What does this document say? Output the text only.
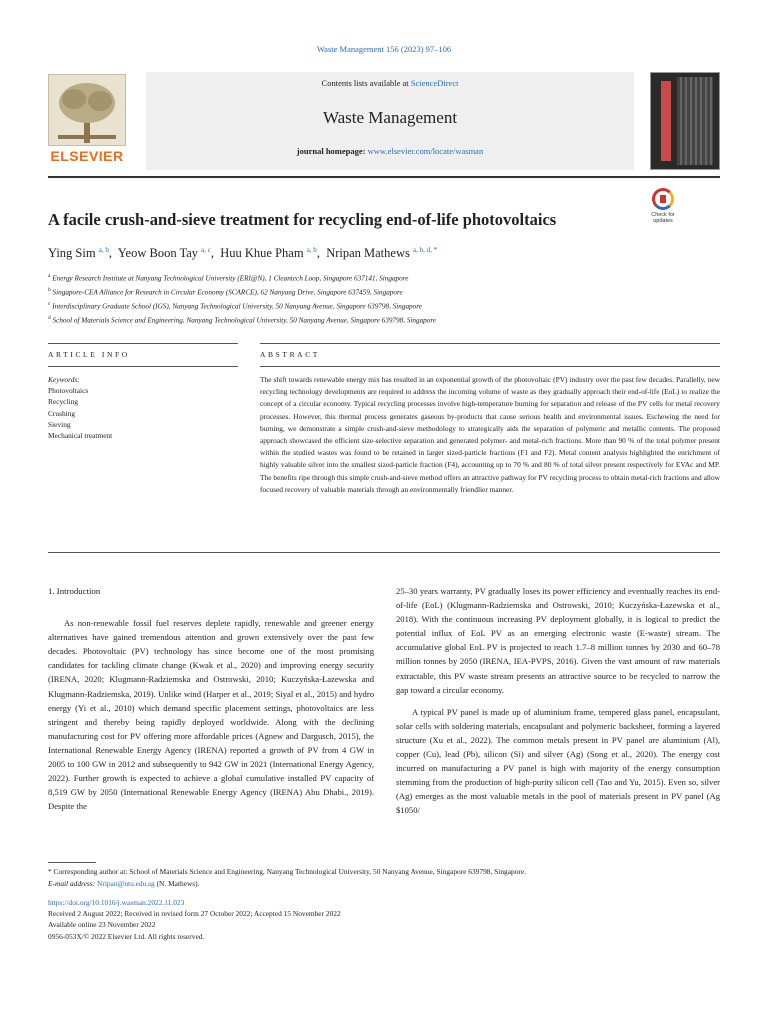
Waste Management 156 (2023) 97–106
ELSEVIER
Contents lists available at ScienceDirect
Waste Management
journal homepage: www.elsevier.com/locate/wasman
A facile crush-and-sieve treatment for recycling end-of-life photovoltaics	Check for
updates
Ying Sim $^{a, b}$,  Yeow Boon Tay $^{a, c}$,  Huu Khue Pham $^{a, b}$,  Nripan Mathews $^{a, b, d, *}$
$^a$ Energy Research Institute at Nanyang Technological University (ERI@N), 1 Cleantech Loop, Singapore 637141, Singapore
$^b$ Singapore-CEA Alliance for Research in Circular Economy (SCARCE), 62 Nanyang Drive, Singapore 637459, Singapore
$^c$ Interdisciplinary Graduate School (IGS), Nanyang Technological University, 50 Nanyang Avenue, Singapore 639798, Singapore
$^d$ School of Materials Science and Engineering, Nanyang Technological University, 50 Nanyang Avenue, Singapore 639798, Singapore
ARTICLE INFO	ABSTRACT
Keywords:
Photovoltaics
Recycling
Crushing
Sieving
Mechanical treatment
The shift towards renewable energy mix has resulted in an exponential growth of the photovoltaic (PV) industry over the past few decades. Parallelly, new recycling technology developments are required to address the incoming volume of waste as they gradually approach their end-of-life (EoL) to realize the concept of a circular economy. Typical recycling processes involve high-temperature burning for separation and release of the PV cells for metal recovery processes. However, this thermal process generates gaseous by-products that cause serious health and environmental issues. Eschewing the need for burning, we demonstrate a simple crush-and-sieve methodology to strategically aids the separation of polymeric and metallic contents. The proposed approach showcased the efficient size-selective separation and generated polymer- and metal-rich fractions. More than 90 % of the total polymer present within the studied wastes was found to be retained in larger sized-particle fractions (F1 and F2). Metal content analysis highlighted the enrichment of highly valuable silver into the smallest sized-particle fraction (F4), accounting up to 70 % and 80 % of total silver present respectively for EVAc and MP. The benefits ripe through this simple crush-and-sieve method offers an attractive pathway for PV recycling process to obtain metal-rich fractions and allow focused recovery of valuable materials through an environmentally friendlier manner.
1. Introduction

As non-renewable fossil fuel reserves deplete rapidly, renewable and greener energy alternatives have gained tremendous attention and grown extensively over the past few decades. Photovoltaic (PV) technology has since become one of the most promising candidates for tackling climate change (Kwak et al., 2020) and improving energy security (IRENA, 2020; Klugmann-Radziemska and Ostrowski, 2010; Kuczyńska-Łazewska and Klugmann-Radziemska, 2019). Unlike wind (Harper et al., 2019; Siyal et al., 2015) and hydro energy (Yi et al., 2010) which demand specific placement settings, photovoltaics are less stringent and thereby being rapidly deployed worldwide. Along with the declining manufacturing cost for PV offering more affordable prices (Agnew and Dargusch, 2015), the International Renewable Energy Agency (IRENA) reported a growth of PV from 4 GW in 2005 to 100 GW in 2012 and subsequently to 942 GW in 2021 (International Energy Agency, 2022). Further growth is expected to achieve a global cumulative installed PV capacity of 8,519 GW by 2050 (International Renewable Energy Agency (IRENA) Abu Dhabi., 2019). Despite the

25–30 years warranty, PV gradually loses its power efficiency and eventually reaches its end-of-life (EoL) (Klugmann-Radziemska and Ostrowski, 2010; Kuczyńska-Łazewska et al., 2018). With the continuous increasing PV deployment globally, it is logical to predict the potential influx of EoL PV as an emerging electronic waste (E-waste) stream. The accumulative global EoL PV is projected to reach 1.7–8 million tonnes by 2030 and 60–78 million tonnes by 2050 (IRENA, IEA-PVPS, 2016). Given the vast amount of raw materials extractable, this PV waste stream presents an attractive source to be recycled to narrow the gap toward a circular economy.

A typical PV panel is made up of aluminium frame, tempered glass panel, encapsulant, solar cells with soldering materials, encapsulant and polymeric backsheet, forming a layered structure (Xu et al., 2022). The common metals present in PV panel are aluminium (Al), copper (Cu), lead (Pb), silicon (Si) and silver (Ag) (Song et al., 2020). The energy cost incurred on manufacturing a PV panel is high with majority of the energy consumption stemming from the production of high-purity silicon cell (Tao and Yu, 2015). Even so, silver (Ag) emerges as the most valuable metals in the pool of materials present in PV panel (Ag $1050/

* Corresponding author at: School of Materials Science and Engineering, Nanyang Technological University, 50 Nanyang Avenue, Singapore 639798, Singapore.
E-mail address: Nripan@ntu.edu.sg (N. Mathews).
https://doi.org/10.1016/j.wasman.2022.11.023
Received 2 August 2022; Received in revised form 27 October 2022; Accepted 15 November 2022
Available online 23 November 2022
0956-053X/© 2022 Elsevier Ltd. All rights reserved.
